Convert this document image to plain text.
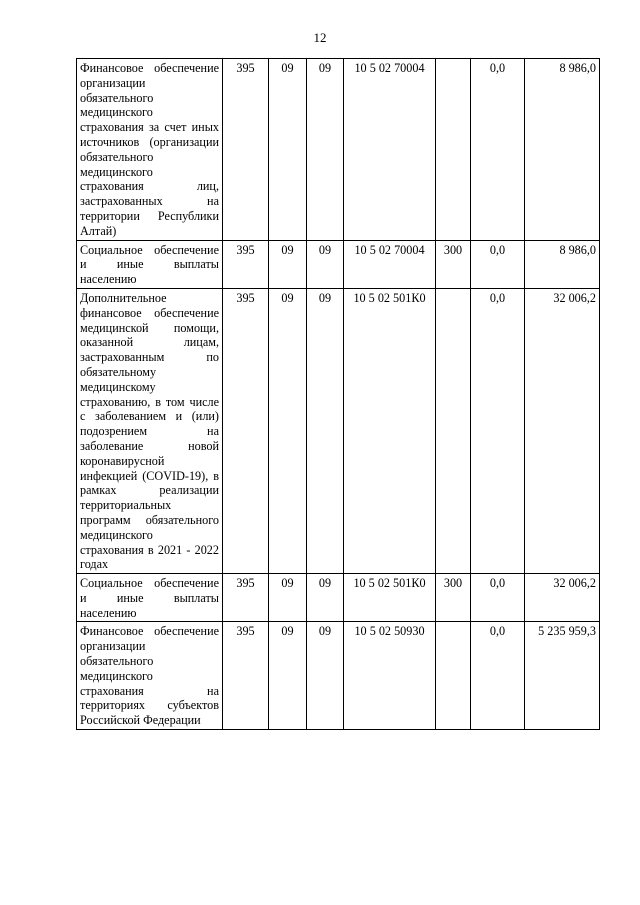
12
Финансовое обеспечение организации обязательного медицинского страхования за счет иных источников (организации обязательного медицинского страхования лиц, застрахованных на территории Республики Алтай)	395	09	09	10 5 02 70004		0,0	8 986,0
Социальное обеспечение и иные выплаты населению	395	09	09	10 5 02 70004	300	0,0	8 986,0
Дополнительное финансовое обеспечение медицинской помощи, оказанной лицам, застрахованным по обязательному медицинскому страхованию, в том числе с заболеванием и (или) подозрением на заболевание новой коронавирусной инфекцией (COVID-19), в рамках реализации территориальных программ обязательного медицинского страхования в 2021 - 2022 годах	395	09	09	10 5 02 501К0		0,0	32 006,2
Социальное обеспечение и иные выплаты населению	395	09	09	10 5 02 501К0	300	0,0	32 006,2
Финансовое обеспечение организации обязательного медицинского страхования на территориях субъектов Российской Федерации	395	09	09	10 5 02 50930		0,0	5 235 959,3
